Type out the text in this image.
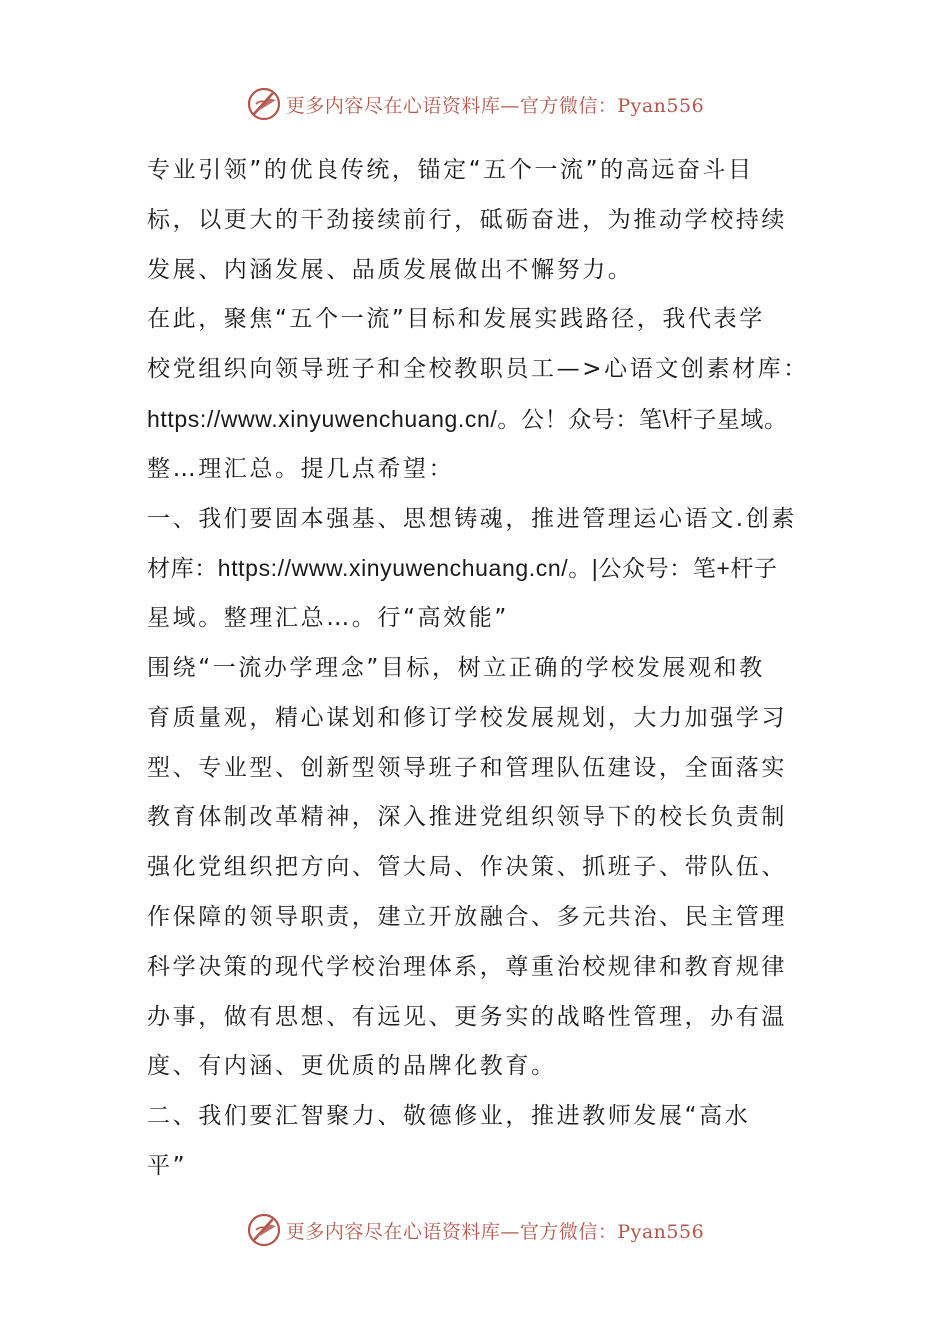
更多内容尽在心语资料库—官方微信：Pyan556
专业引领”的优良传统，锚定“五个一流”的高远奋斗目
标，以更大的干劲接续前行，砥砺奋进，为推动学校持续
发展、内涵发展、品质发展做出不懈努力。
在此，聚焦“五个一流”目标和发展实践路径，我代表学
校党组织向领导班子和全校教职员工—>心语文创素材库：
https://www.xinyuwenchuang.cn/。公！众号：笔\杆子星域。
整…理汇总。提几点希望：
一、我们要固本强基、思想铸魂，推进管理运心语文.创素
材库：https://www.xinyuwenchuang.cn/。|公众号：笔+杆子
星域。整理汇总…。行“高效能”
围绕“一流办学理念”目标，树立正确的学校发展观和教
育质量观，精心谋划和修订学校发展规划，大力加强学习
型、专业型、创新型领导班子和管理队伍建设，全面落实
教育体制改革精神，深入推进党组织领导下的校长负责制
强化党组织把方向、管大局、作决策、抓班子、带队伍、
作保障的领导职责，建立开放融合、多元共治、民主管理
科学决策的现代学校治理体系，尊重治校规律和教育规律
办事，做有思想、有远见、更务实的战略性管理，办有温
度、有内涵、更优质的品牌化教育。
二、我们要汇智聚力、敬德修业，推进教师发展“高水
平”
更多内容尽在心语资料库—官方微信：Pyan556
